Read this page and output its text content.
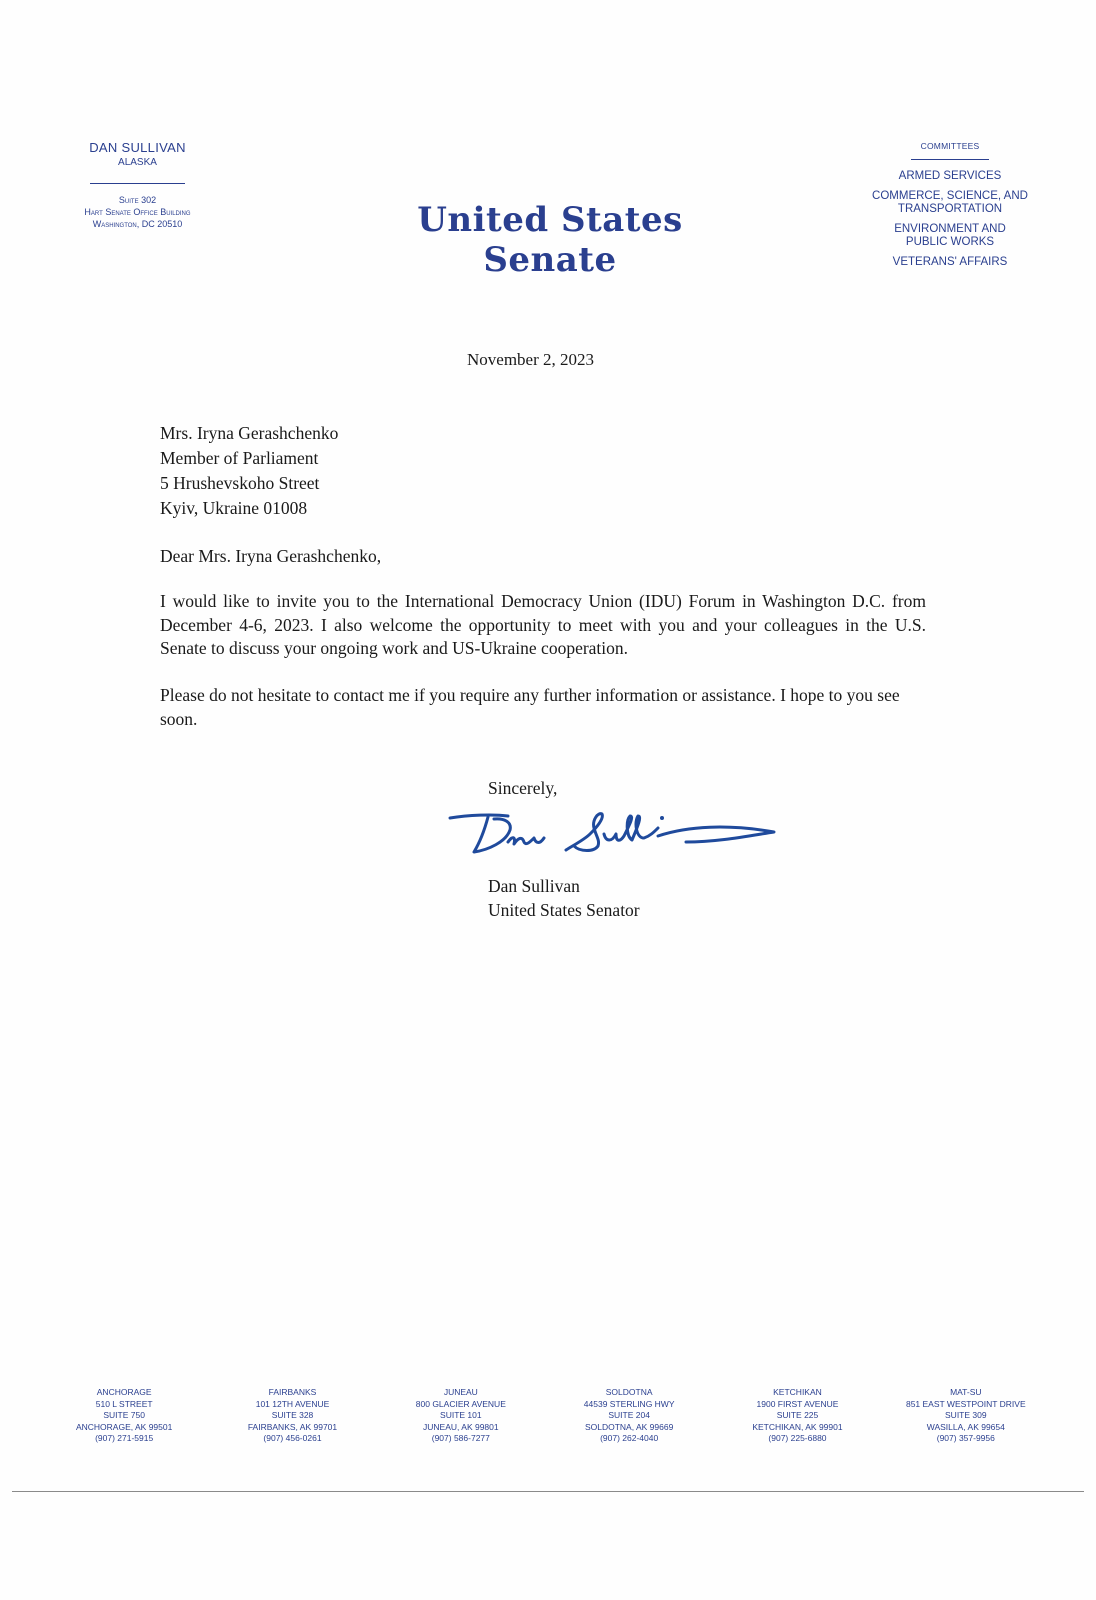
DAN SULLIVAN
ALASKA
Suite 302
Hart Senate Office Building
Washington, DC 20510	United States Senate
COMMITTEES
ARMED SERVICES
COMMERCE, SCIENCE, AND
TRANSPORTATION
ENVIRONMENT AND
PUBLIC WORKS
VETERANS' AFFAIRS
November 2, 2023
Mrs. Iryna Gerashchenko
Member of Parliament
5 Hrushevskoho Street
Kyiv, Ukraine 01008
Dear Mrs. Iryna Gerashchenko,
I would like to invite you to the International Democracy Union (IDU) Forum in Washington D.C. from December 4-6, 2023. I also welcome the opportunity to meet with you and your colleagues in the U.S. Senate to discuss your ongoing work and US-Ukraine cooperation.
Please do not hesitate to contact me if you require any further information or assistance. I hope to you see soon.
Sincerely,
Dan Sullivan
United States Senator
ANCHORAGE
510 L STREET
SUITE 750
ANCHORAGE, AK 99501
(907) 271-5915
FAIRBANKS
101 12TH AVENUE
SUITE 328
FAIRBANKS, AK 99701
(907) 456-0261
JUNEAU
800 GLACIER AVENUE
SUITE 101
JUNEAU, AK 99801
(907) 586-7277
SOLDOTNA
44539 STERLING HWY
SUITE 204
SOLDOTNA, AK 99669
(907) 262-4040
KETCHIKAN
1900 FIRST AVENUE
SUITE 225
KETCHIKAN, AK 99901
(907) 225-6880
MAT-SU
851 EAST WESTPOINT DRIVE
SUITE 309
WASILLA, AK 99654
(907) 357-9956
